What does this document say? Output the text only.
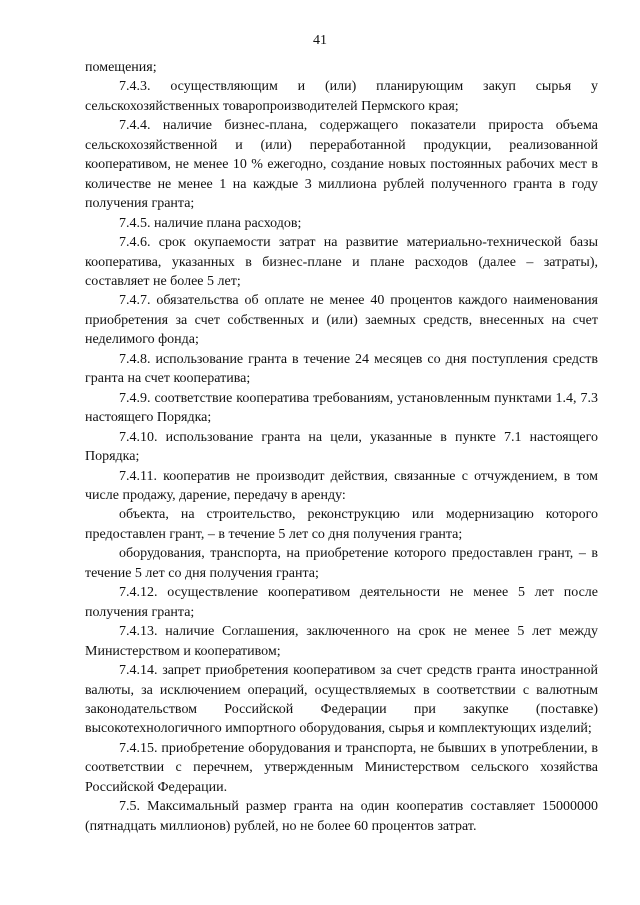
41

помещения;

7.4.3. осуществляющим и (или) планирующим закуп сырья у сельскохозяйственных товаропроизводителей Пермского края;

7.4.4. наличие бизнес-плана, содержащего показатели прироста объема сельскохозяйственной и (или) переработанной продукции, реализованной кооперативом, не менее 10 % ежегодно, создание новых постоянных рабочих мест в количестве не менее 1 на каждые 3 миллиона рублей полученного гранта в году получения гранта;

7.4.5. наличие плана расходов;

7.4.6. срок окупаемости затрат на развитие материально-технической базы кооператива, указанных в бизнес-плане и плане расходов (далее – затраты), составляет не более 5 лет;

7.4.7. обязательства об оплате не менее 40 процентов каждого наименования приобретения за счет собственных и (или) заемных средств, внесенных на счет неделимого фонда;

7.4.8. использование гранта в течение 24 месяцев со дня поступления средств гранта на счет кооператива;

7.4.9. соответствие кооператива требованиям, установленным пунктами 1.4, 7.3 настоящего Порядка;

7.4.10. использование гранта на цели, указанные в пункте 7.1 настоящего Порядка;

7.4.11. кооператив не производит действия, связанные с отчуждением, в том числе продажу, дарение, передачу в аренду:

объекта, на строительство, реконструкцию или модернизацию которого предоставлен грант, – в течение 5 лет со дня получения гранта;

оборудования, транспорта, на приобретение которого предоставлен грант, – в течение 5 лет со дня получения гранта;

7.4.12. осуществление кооперативом деятельности не менее 5 лет после получения гранта;

7.4.13. наличие Соглашения, заключенного на срок не менее 5 лет между Министерством и кооперативом;

7.4.14. запрет приобретения кооперативом за счет средств гранта иностранной валюты, за исключением операций, осуществляемых в соответствии с валютным законодательством Российской Федерации при закупке (поставке) высокотехнологичного импортного оборудования, сырья и комплектующих изделий;

7.4.15. приобретение оборудования и транспорта, не бывших в употреблении, в соответствии с перечнем, утвержденным Министерством сельского хозяйства Российской Федерации.

7.5. Максимальный размер гранта на один кооператив составляет 15000000 (пятнадцать миллионов) рублей, но не более 60 процентов затрат.
